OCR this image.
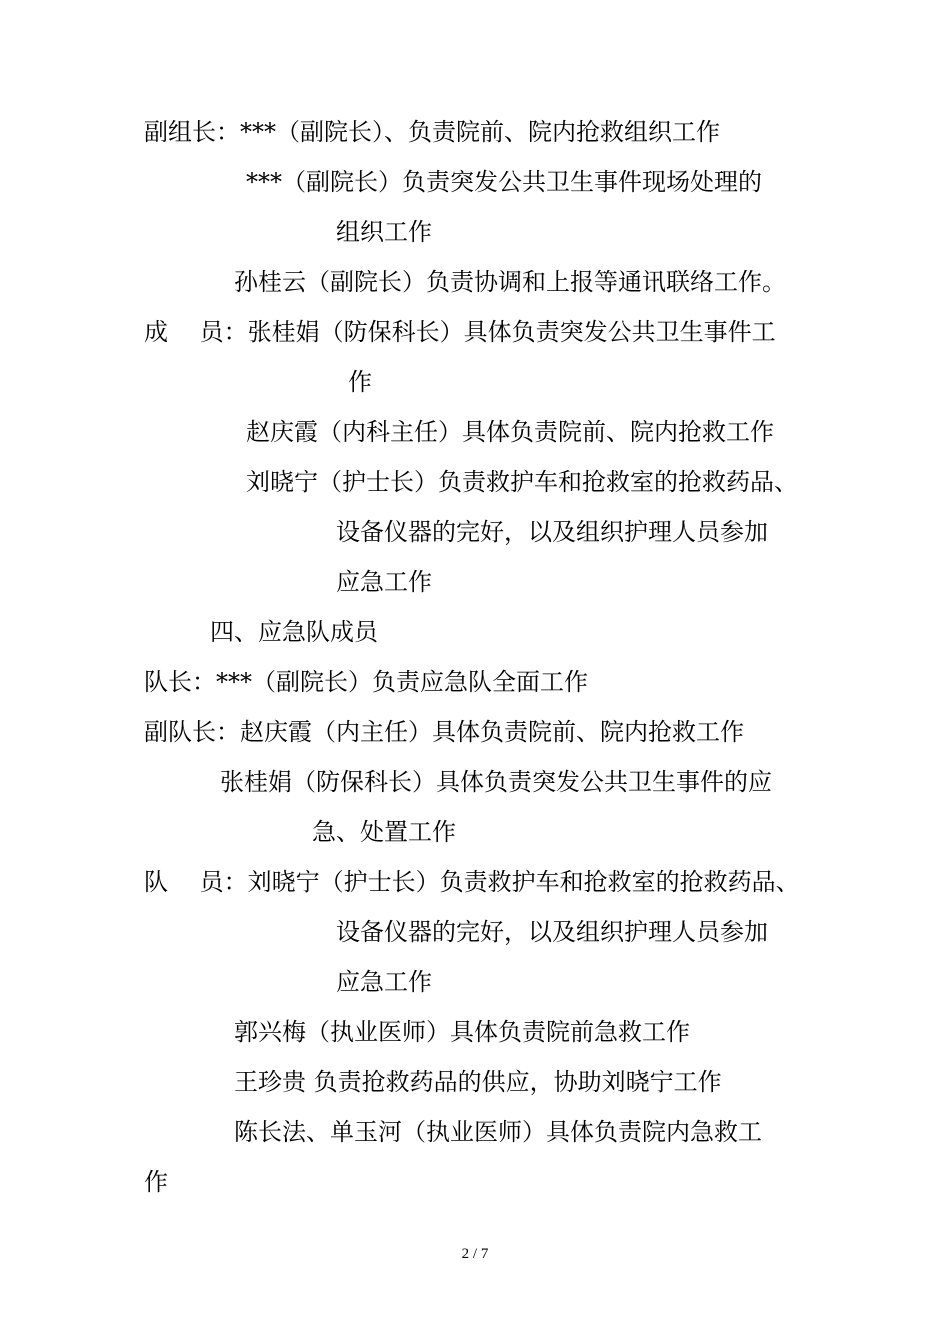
副组长：***（副院长）、负责院前、院内抢救组织工作
***（副院长）负责突发公共卫生事件现场处理的
组织工作
孙桂云（副院长）负责协调和上报等通讯联络工作。
成　 员：张桂娟（防保科长）具体负责突发公共卫生事件工
作
赵庆霞（内科主任）具体负责院前、院内抢救工作
刘晓宁（护士长）负责救护车和抢救室的抢救药品、
设备仪器的完好，以及组织护理人员参加
应急工作
四、应急队成员
队长：***（副院长）负责应急队全面工作
副队长：赵庆霞（内主任）具体负责院前、院内抢救工作
张桂娟（防保科长）具体负责突发公共卫生事件的应
急、处置工作
队　 员：刘晓宁（护士长）负责救护车和抢救室的抢救药品、
设备仪器的完好，以及组织护理人员参加
应急工作
郭兴梅（执业医师）具体负责院前急救工作
王珍贵 负责抢救药品的供应，协助刘晓宁工作
陈长法、单玉河（执业医师）具体负责院内急救工
作
2 / 7
